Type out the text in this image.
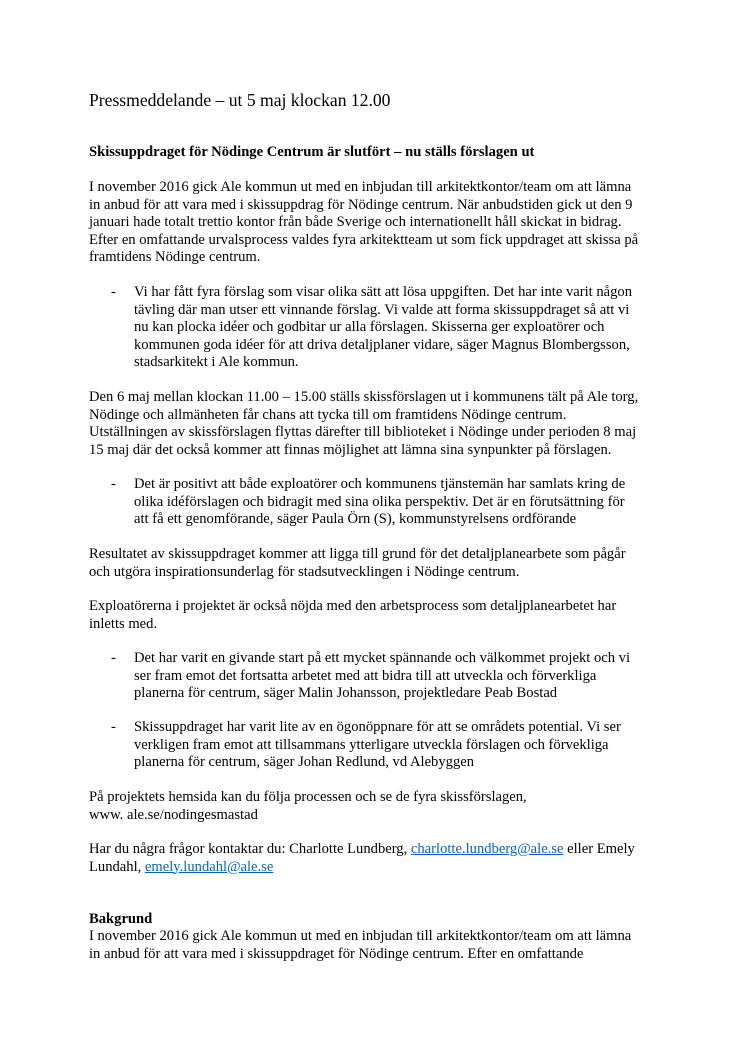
Pressmeddelande – ut 5 maj klockan 12.00
Skissuppdraget för Nödinge Centrum är slutfört – nu ställs förslagen ut
I november 2016 gick Ale kommun ut med en inbjudan till arkitektkontor/team om att lämna
in anbud för att vara med i skissuppdrag för Nödinge centrum. När anbudstiden gick ut den 9
januari hade totalt trettio kontor från både Sverige och internationellt håll skickat in bidrag.
Efter en omfattande urvalsprocess valdes fyra arkitektteam ut som fick uppdraget att skissa på
framtidens Nödinge centrum.
- Vi har fått fyra förslag som visar olika sätt att lösa uppgiften. Det har inte varit någon
tävling där man utser ett vinnande förslag. Vi valde att forma skissuppdraget så att vi
nu kan plocka idéer och godbitar ur alla förslagen. Skisserna ger exploatörer och
kommunen goda idéer för att driva detaljplaner vidare, säger Magnus Blombergsson,
stadsarkitekt i Ale kommun.
Den 6 maj mellan klockan 11.00 – 15.00 ställs skissförslagen ut i kommunens tält på Ale torg,
Nödinge och allmänheten får chans att tycka till om framtidens Nödinge centrum.
Utställningen av skissförslagen flyttas därefter till biblioteket i Nödinge under perioden 8 maj
15 maj där det också kommer att finnas möjlighet att lämna sina synpunkter på förslagen.
- Det är positivt att både exploatörer och kommunens tjänstemän har samlats kring de
olika idéförslagen och bidragit med sina olika perspektiv. Det är en förutsättning för
att få ett genomförande, säger Paula Örn (S), kommunstyrelsens ordförande
Resultatet av skissuppdraget kommer att ligga till grund för det detaljplanearbete som pågår
och utgöra inspirationsunderlag för stadsutvecklingen i Nödinge centrum.
Exploatörerna i projektet är också nöjda med den arbetsprocess som detaljplanearbetet har
inletts med.
- Det har varit en givande start på ett mycket spännande och välkommet projekt och vi
ser fram emot det fortsatta arbetet med att bidra till att utveckla och förverkliga
planerna för centrum, säger Malin Johansson, projektledare Peab Bostad
- Skissuppdraget har varit lite av en ögonöppnare för att se områdets potential. Vi ser
verkligen fram emot att tillsammans ytterligare utveckla förslagen och förvekliga
planerna för centrum, säger Johan Redlund, vd Alebyggen
På projektets hemsida kan du följa processen och se de fyra skissförslagen,
www. ale.se/nodingesmastad
Har du några frågor kontaktar du: Charlotte Lundberg, charlotte.lundberg@ale.se eller Emely
Lundahl, emely.lundahl@ale.se
Bakgrund
I november 2016 gick Ale kommun ut med en inbjudan till arkitektkontor/team om att lämna
in anbud för att vara med i skissuppdraget för Nödinge centrum. Efter en omfattande
